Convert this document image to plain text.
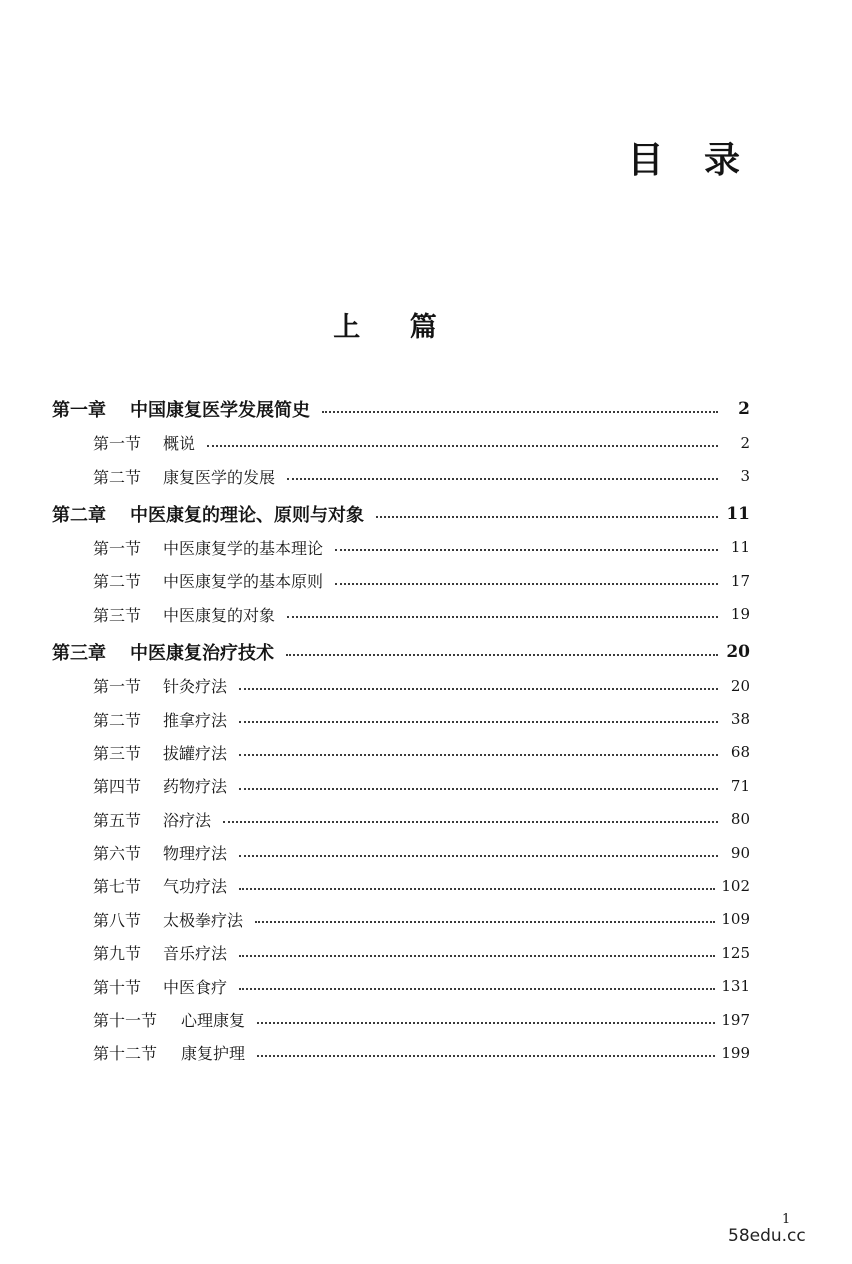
目 录
上 篇
第一章	中国康复医学发展简史	2
第一节	概说	2
第二节	康复医学的发展	3
第二章	中医康复的理论、原则与对象	11
第一节	中医康复学的基本理论	11
第二节	中医康复学的基本原则	17
第三节	中医康复的对象	19
第三章	中医康复治疗技术	20
第一节	针灸疗法	20
第二节	推拿疗法	38
第三节	拔罐疗法	68
第四节	药物疗法	71
第五节	浴疗法	80
第六节	物理疗法	90
第七节	气功疗法	102
第八节	太极拳疗法	109
第九节	音乐疗法	125
第十节	中医食疗	131
第十一节	心理康复	197
第十二节	康复护理	199
1
58edu.cc
